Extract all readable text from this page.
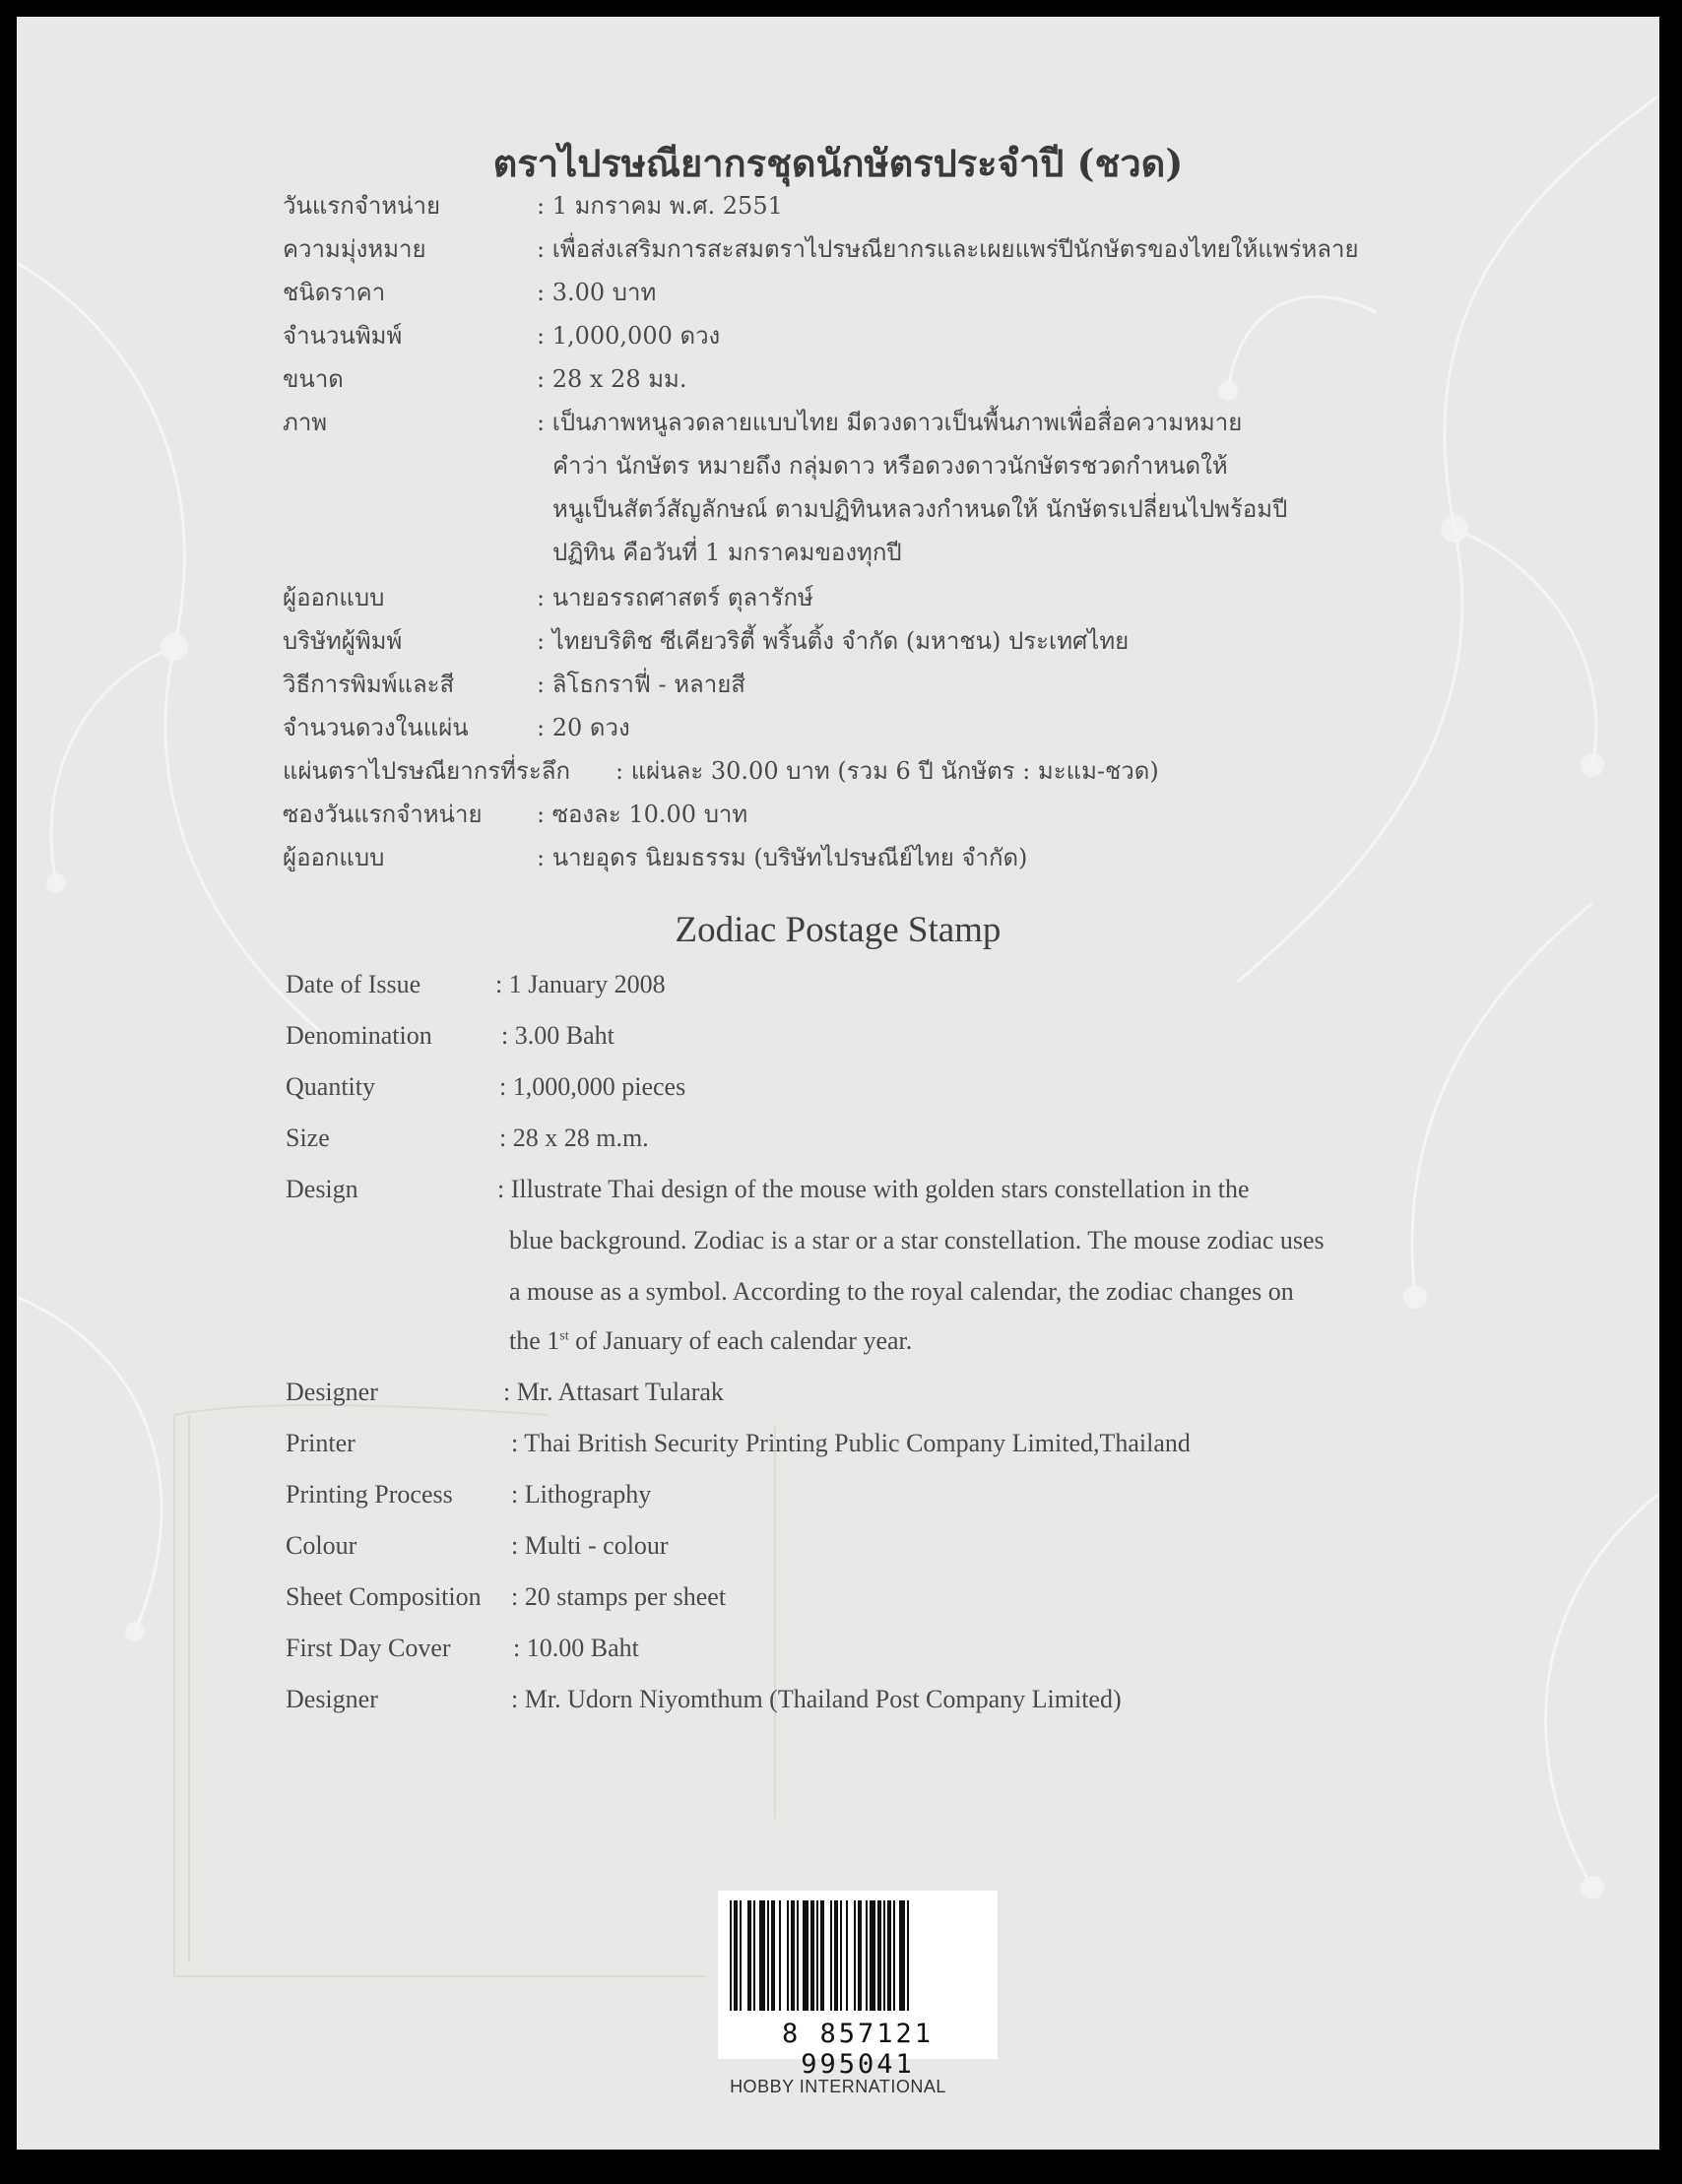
ตราไปรษณียากรชุดนักษัตรประจำปี (ชวด)
วันแรกจำหน่าย	: 1 มกราคม พ.ศ. 2551
ความมุ่งหมาย	: เพื่อส่งเสริมการสะสมตราไปรษณียากรและเผยแพร่ปีนักษัตรของไทยให้แพร่หลาย
ชนิดราคา	: 3.00 บาท
จำนวนพิมพ์	: 1,000,000 ดวง
ขนาด	: 28 x 28 มม.
ภาพ	: เป็นภาพหนูลวดลายแบบไทย มีดวงดาวเป็นพื้นภาพเพื่อสื่อความหมาย
คำว่า นักษัตร หมายถึง กลุ่มดาว หรือดวงดาวนักษัตรชวดกำหนดให้
หนูเป็นสัตว์สัญลักษณ์ ตามปฏิทินหลวงกำหนดให้ นักษัตรเปลี่ยนไปพร้อมปี
ปฏิทิน คือวันที่ 1 มกราคมของทุกปี
ผู้ออกแบบ	: นายอรรถศาสตร์ ตุลารักษ์
บริษัทผู้พิมพ์	: ไทยบริติช ซีเคียวริตี้ พริ้นติ้ง จำกัด (มหาชน) ประเทศไทย
วิธีการพิมพ์และสี	: ลิโธกราฟี่ - หลายสี
จำนวนดวงในแผ่น	: 20 ดวง
แผ่นตราไปรษณียากรที่ระลึก : แผ่นละ 30.00 บาท (รวม 6 ปี นักษัตร : มะแม-ชวด)
ซองวันแรกจำหน่าย : ซองละ 10.00 บาท
ผู้ออกแบบ	: นายอุดร นิยมธรรม (บริษัทไปรษณีย์ไทย จำกัด)
Zodiac Postage Stamp
Date of Issue	: 1 January 2008
Denomination	: 3.00 Baht
Quantity	: 1,000,000 pieces
Size	: 28 x 28 m.m.
Design	: Illustrate Thai design of the mouse with golden stars constellation in the
blue background. Zodiac is a star or a star constellation. The mouse zodiac uses
a mouse as a symbol. According to the royal calendar, the zodiac changes on
the 1st of January of each calendar year.
Designer	: Mr. Attasart Tularak
Printer	: Thai British Security Printing Public Company Limited,Thailand
Printing Process : Lithography
Colour	: Multi - colour
Sheet Composition : 20 stamps per sheet
First Day Cover : 10.00 Baht
Designer	: Mr. Udorn Niyomthum (Thailand Post Company Limited)
8 857121 995041
HOBBY INTERNATIONAL
